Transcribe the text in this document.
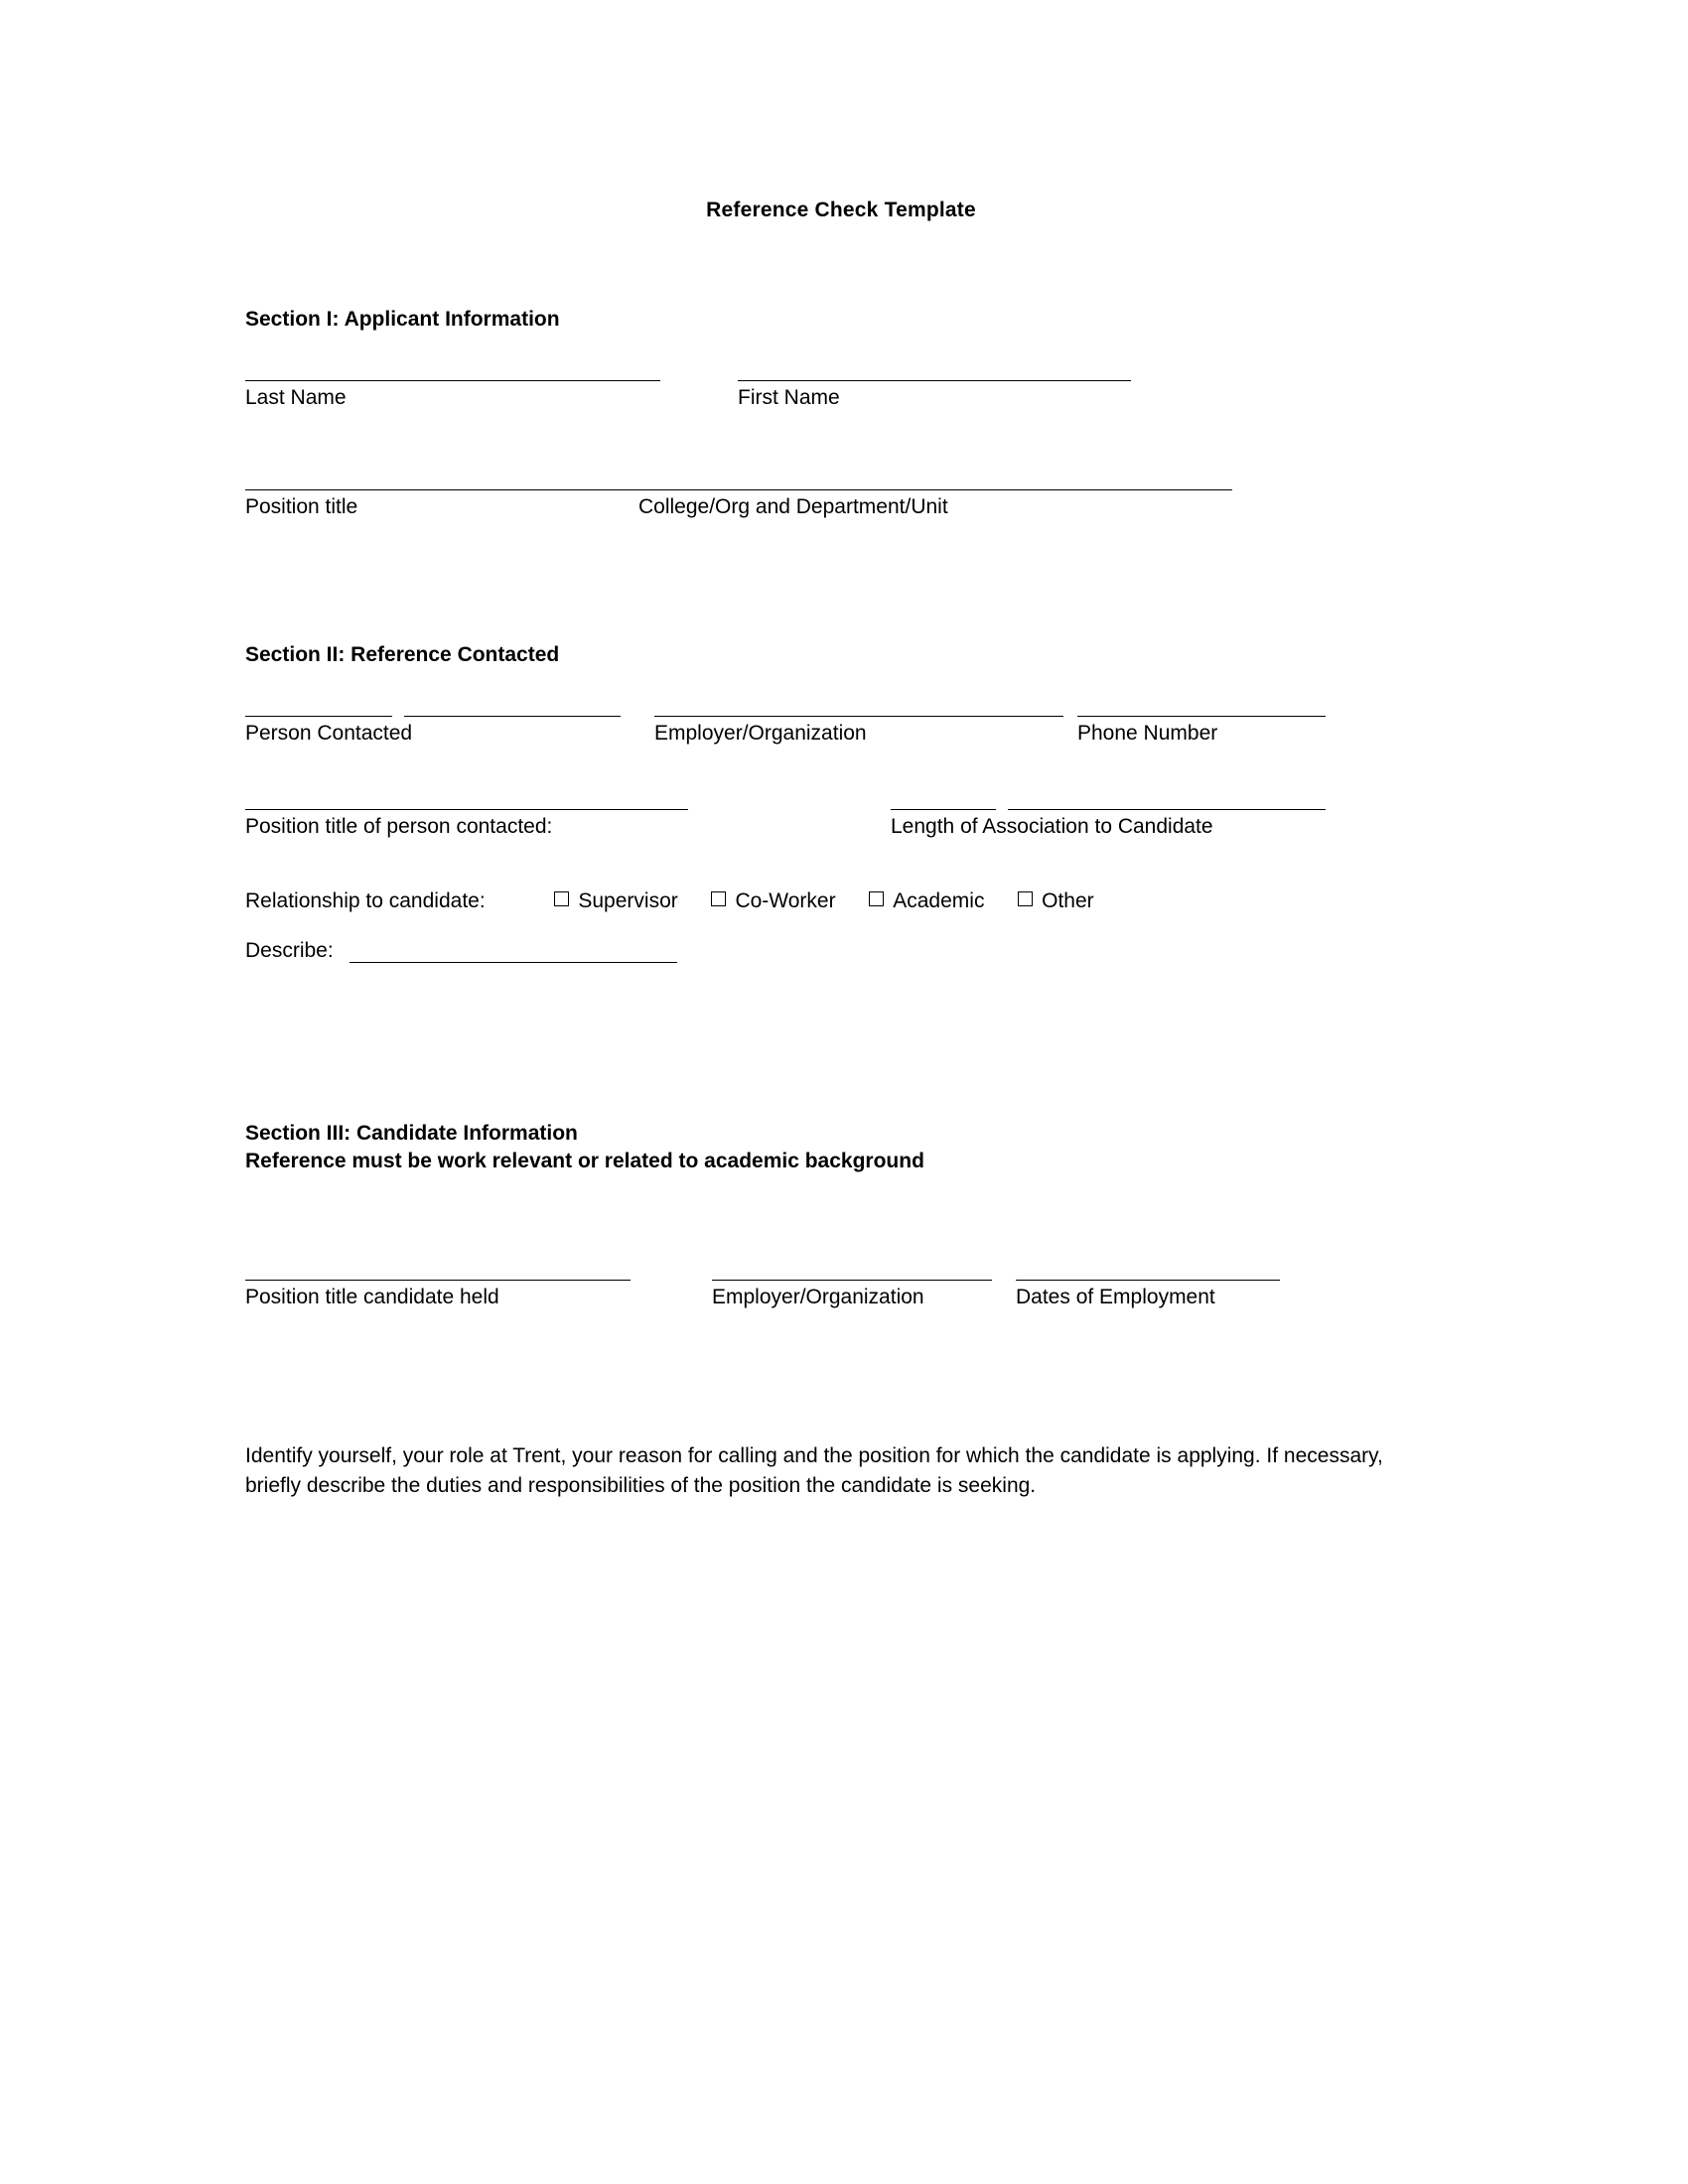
Reference Check Template
Section I: Applicant Information
Last Name	First Name
Position title	College/Org and Department/Unit
Section II: Reference Contacted
Person Contacted	Employer/Organization	Phone Number
Position title of person contacted:	Length of Association to Candidate
Relationship to candidate:	Supervisor	Co-Worker	Academic	Other
Describe:
Section III: Candidate Information
Reference must be work relevant or related to academic background
Position title candidate held	Employer/Organization	Dates of Employment
Identify yourself, your role at Trent, your reason for calling and the position for which the candidate is applying. If necessary, briefly describe the duties and responsibilities of the position the candidate is seeking.
